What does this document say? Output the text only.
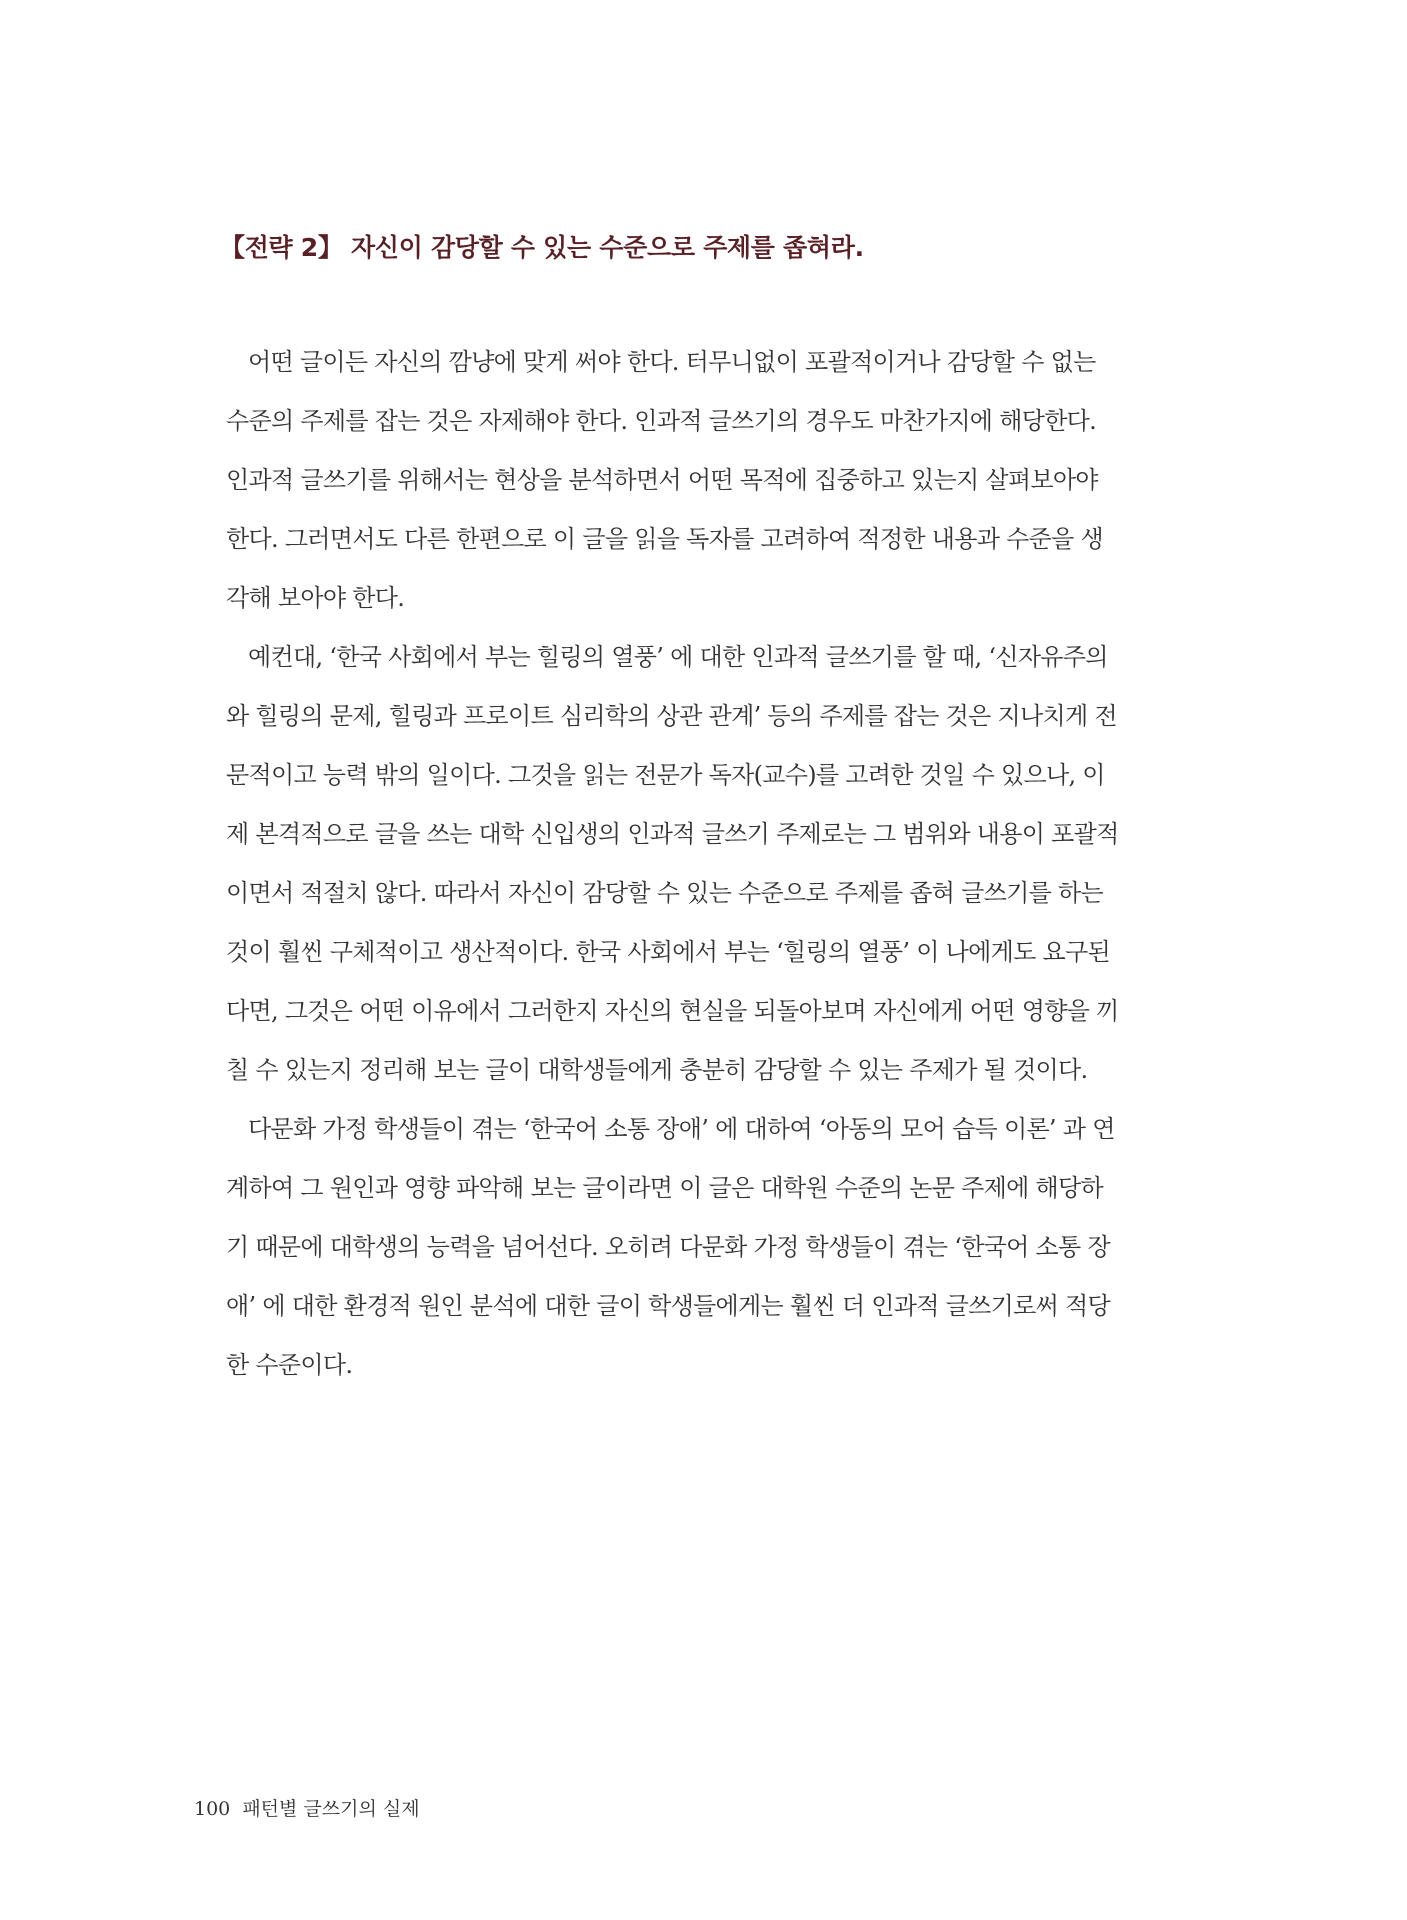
【전략 2】 자신이 감당할 수 있는 수준으로 주제를 좁혀라.
어떤 글이든 자신의 깜냥에 맞게 써야 한다. 터무니없이 포괄적이거나 감당할 수 없는
수준의 주제를 잡는 것은 자제해야 한다. 인과적 글쓰기의 경우도 마찬가지에 해당한다.
인과적 글쓰기를 위해서는 현상을 분석하면서 어떤 목적에 집중하고 있는지 살펴보아야
한다. 그러면서도 다른 한편으로 이 글을 읽을 독자를 고려하여 적정한 내용과 수준을 생
각해 보아야 한다.
예컨대, ‘한국 사회에서 부는 힐링의 열풍’ 에 대한 인과적 글쓰기를 할 때, ‘신자유주의
와 힐링의 문제, 힐링과 프로이트 심리학의 상관 관계’ 등의 주제를 잡는 것은 지나치게 전
문적이고 능력 밖의 일이다. 그것을 읽는 전문가 독자(교수)를 고려한 것일 수 있으나, 이
제 본격적으로 글을 쓰는 대학 신입생의 인과적 글쓰기 주제로는 그 범위와 내용이 포괄적
이면서 적절치 않다. 따라서 자신이 감당할 수 있는 수준으로 주제를 좁혀 글쓰기를 하는
것이 훨씬 구체적이고 생산적이다. 한국 사회에서 부는 ‘힐링의 열풍’ 이 나에게도 요구된
다면, 그것은 어떤 이유에서 그러한지 자신의 현실을 되돌아보며 자신에게 어떤 영향을 끼
칠 수 있는지 정리해 보는 글이 대학생들에게 충분히 감당할 수 있는 주제가 될 것이다.
다문화 가정 학생들이 겪는 ‘한국어 소통 장애’ 에 대하여 ‘아동의 모어 습득 이론’ 과 연
계하여 그 원인과 영향 파악해 보는 글이라면 이 글은 대학원 수준의 논문 주제에 해당하
기 때문에 대학생의 능력을 넘어선다. 오히려 다문화 가정 학생들이 겪는 ‘한국어 소통 장
애’ 에 대한 환경적 원인 분석에 대한 글이 학생들에게는 훨씬 더 인과적 글쓰기로써 적당
한 수준이다.
100 패턴별 글쓰기의 실제
